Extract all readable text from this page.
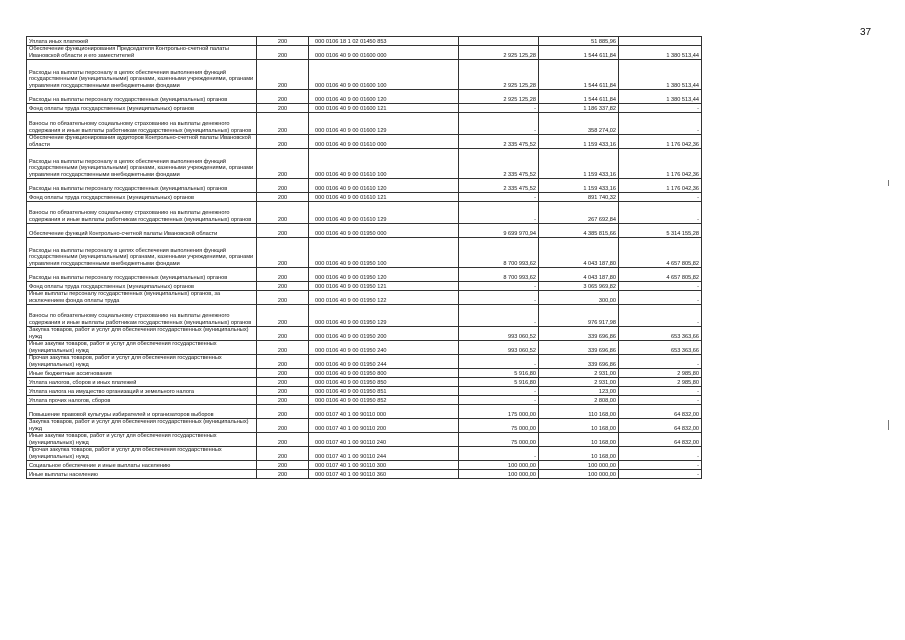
37
Уплата иных платежей	200	000 0106 18 1 02 01450 853		51 885,96	
Обеспечение функционирования Председателя Контрольно-счетной палаты Ивановской области и его заместителей	200	000 0106 40 9 00 01600 000	2 925 125,28	1 544 611,84	1 380 513,44
Расходы на выплаты персоналу в целях обеспечения выполнения функций государственными (муниципальными) органами, казенными учреждениями, органами управления государственными внебюджетными фондами	200	000 0106 40 9 00 01600 100	2 925 125,28	1 544 611,84	1 380 513,44
Расходы на выплаты персоналу государственных (муниципальных) органов	200	000 0106 40 9 00 01600 120	2 925 125,28	1 544 611,84	1 380 513,44
Фонд оплаты труда государственных (муниципальных) органов	200	000 0106 40 9 00 01600 121	-	1 186 337,82	-
Взносы по обязательному социальному страхованию на выплаты денежного содержания и иные выплаты работникам государственных (муниципальных) органов	200	000 0106 40 9 00 01600 129	-	358 274,02	-
Обеспечение функционирования аудиторов Контрольно-счетной палаты Ивановской области	200	000 0106 40 9 00 01610 000	2 335 475,52	1 159 433,16	1 176 042,36
Расходы на выплаты персоналу в целях обеспечения выполнения функций государственными (муниципальными) органами, казенными учреждениями, органами управления государственными внебюджетными фондами	200	000 0106 40 9 00 01610 100	2 335 475,52	1 159 433,16	1 176 042,36
Расходы на выплаты персоналу государственных (муниципальных) органов	200	000 0106 40 9 00 01610 120	2 335 475,52	1 159 433,16	1 176 042,36
Фонд оплаты труда государственных (муниципальных) органов	200	000 0106 40 9 00 01610 121	-	891 740,32	-
Взносы по обязательному социальному страхованию на выплаты денежного содержания и иные выплаты работникам государственных (муниципальных) органов	200	000 0106 40 9 00 01610 129	-	267 692,84	-
Обеспечение функций Контрольно-счетной палаты Ивановской области	200	000 0106 40 9 00 01950 000	9 699 970,94	4 385 815,66	5 314 155,28
Расходы на выплаты персоналу в целях обеспечения выполнения функций государственными (муниципальными) органами, казенными учреждениями, органами управления государственными внебюджетными фондами	200	000 0106 40 9 00 01950 100	8 700 993,62	4 043 187,80	4 657 805,82
Расходы на выплаты персоналу государственных (муниципальных) органов	200	000 0106 40 9 00 01950 120	8 700 993,62	4 043 187,80	4 657 805,82
Фонд оплаты труда государственных (муниципальных) органов	200	000 0106 40 9 00 01950 121	-	3 065 969,82	-
Иные выплаты персоналу государственных (муниципальных) органов, за исключением фонда оплаты труда	200	000 0106 40 9 00 01950 122	-	300,00	-
Взносы по обязательному социальному страхованию на выплаты денежного содержания и иные выплаты работникам государственных (муниципальных) органов	200	000 0106 40 9 00 01950 129	-	976 917,98	-
Закупка товаров, работ и услуг для обеспечения государственных (муниципальных) нужд	200	000 0106 40 9 00 01950 200	993 060,52	339 696,86	653 363,66
Иные закупки товаров, работ и услуг для обеспечения государственных (муниципальных) нужд	200	000 0106 40 9 00 01950 240	993 060,52	339 696,86	653 363,66
Прочая закупка товаров, работ и услуг для обеспечения государственных (муниципальных) нужд	200	000 0106 40 9 00 01950 244	-	339 696,86	-
Иные бюджетные ассигнования	200	000 0106 40 9 00 01950 800	5 916,80	2 931,00	2 985,80
Уплата налогов, сборов и иных платежей	200	000 0106 40 9 00 01950 850	5 916,80	2 931,00	2 985,80
Уплата налога на имущество организаций и земельного налога	200	000 0106 40 9 00 01950 851	-	123,00	-
Уплата прочих налогов, сборов	200	000 0106 40 9 00 01950 852	-	2 808,00	-
Повышение правовой культуры избирателей и организаторов выборов	200	000 0107 40 1 00 90110 000	175 000,00	110 168,00	64 832,00
Закупка товаров, работ и услуг для обеспечения государственных (муниципальных) нужд	200	000 0107 40 1 00 90110 200	75 000,00	10 168,00	64 832,00
Иные закупки товаров, работ и услуг для обеспечения государственных (муниципальных) нужд	200	000 0107 40 1 00 90110 240	75 000,00	10 168,00	64 832,00
Прочая закупка товаров, работ и услуг для обеспечения государственных (муниципальных) нужд	200	000 0107 40 1 00 90110 244	-	10 168,00	-
Социальное обеспечение и иные выплаты населению	200	000 0107 40 1 00 90110 300	100 000,00	100 000,00	-
Иные выплаты населению	200	000 0107 40 1 00 90110 360	100 000,00	100 000,00	-
